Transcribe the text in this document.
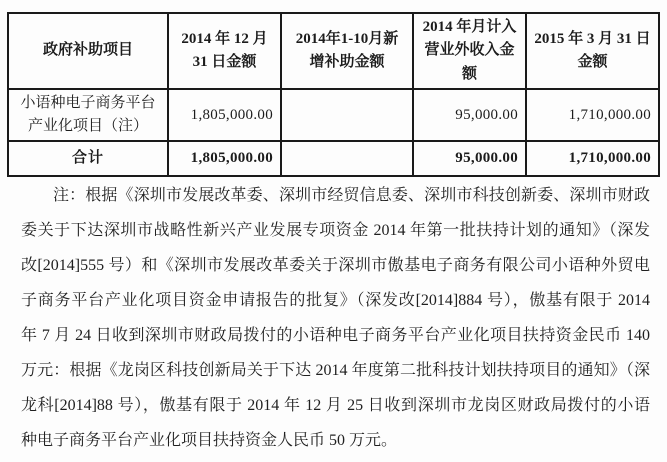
政府补助项目	2014 年 12 月 31 日金额	2014年1-10月新增补助金额	2014 年月计入营业外收入金额	2015 年 3 月 31 日金额
小语种电子商务平台产业化项目（注）	1,805,000.00		95,000.00	1,710,000.00
合计	1,805,000.00		95,000.00	1,710,000.00
注：根据《深圳市发展改革委、深圳市经贸信息委、深圳市科技创新委、深圳市财政
委关于下达深圳市战略性新兴产业发展专项资金 2014 年第一批扶持计划的通知》（深发
改[2014]555 号）和《深圳市发展改革委关于深圳市傲基电子商务有限公司小语种外贸电
子商务平台产业化项目资金申请报告的批复》（深发改[2014]884 号），傲基有限于 2014
年 7 月 24 日收到深圳市财政局拨付的小语种电子商务平台产业化项目扶持资金民币 140
万元：根据《龙岗区科技创新局关于下达 2014 年度第二批科技计划扶持项目的通知》（深
龙科[2014]88 号），傲基有限于 2014 年 12 月 25 日收到深圳市龙岗区财政局拨付的小语
种电子商务平台产业化项目扶持资金人民币 50 万元。
